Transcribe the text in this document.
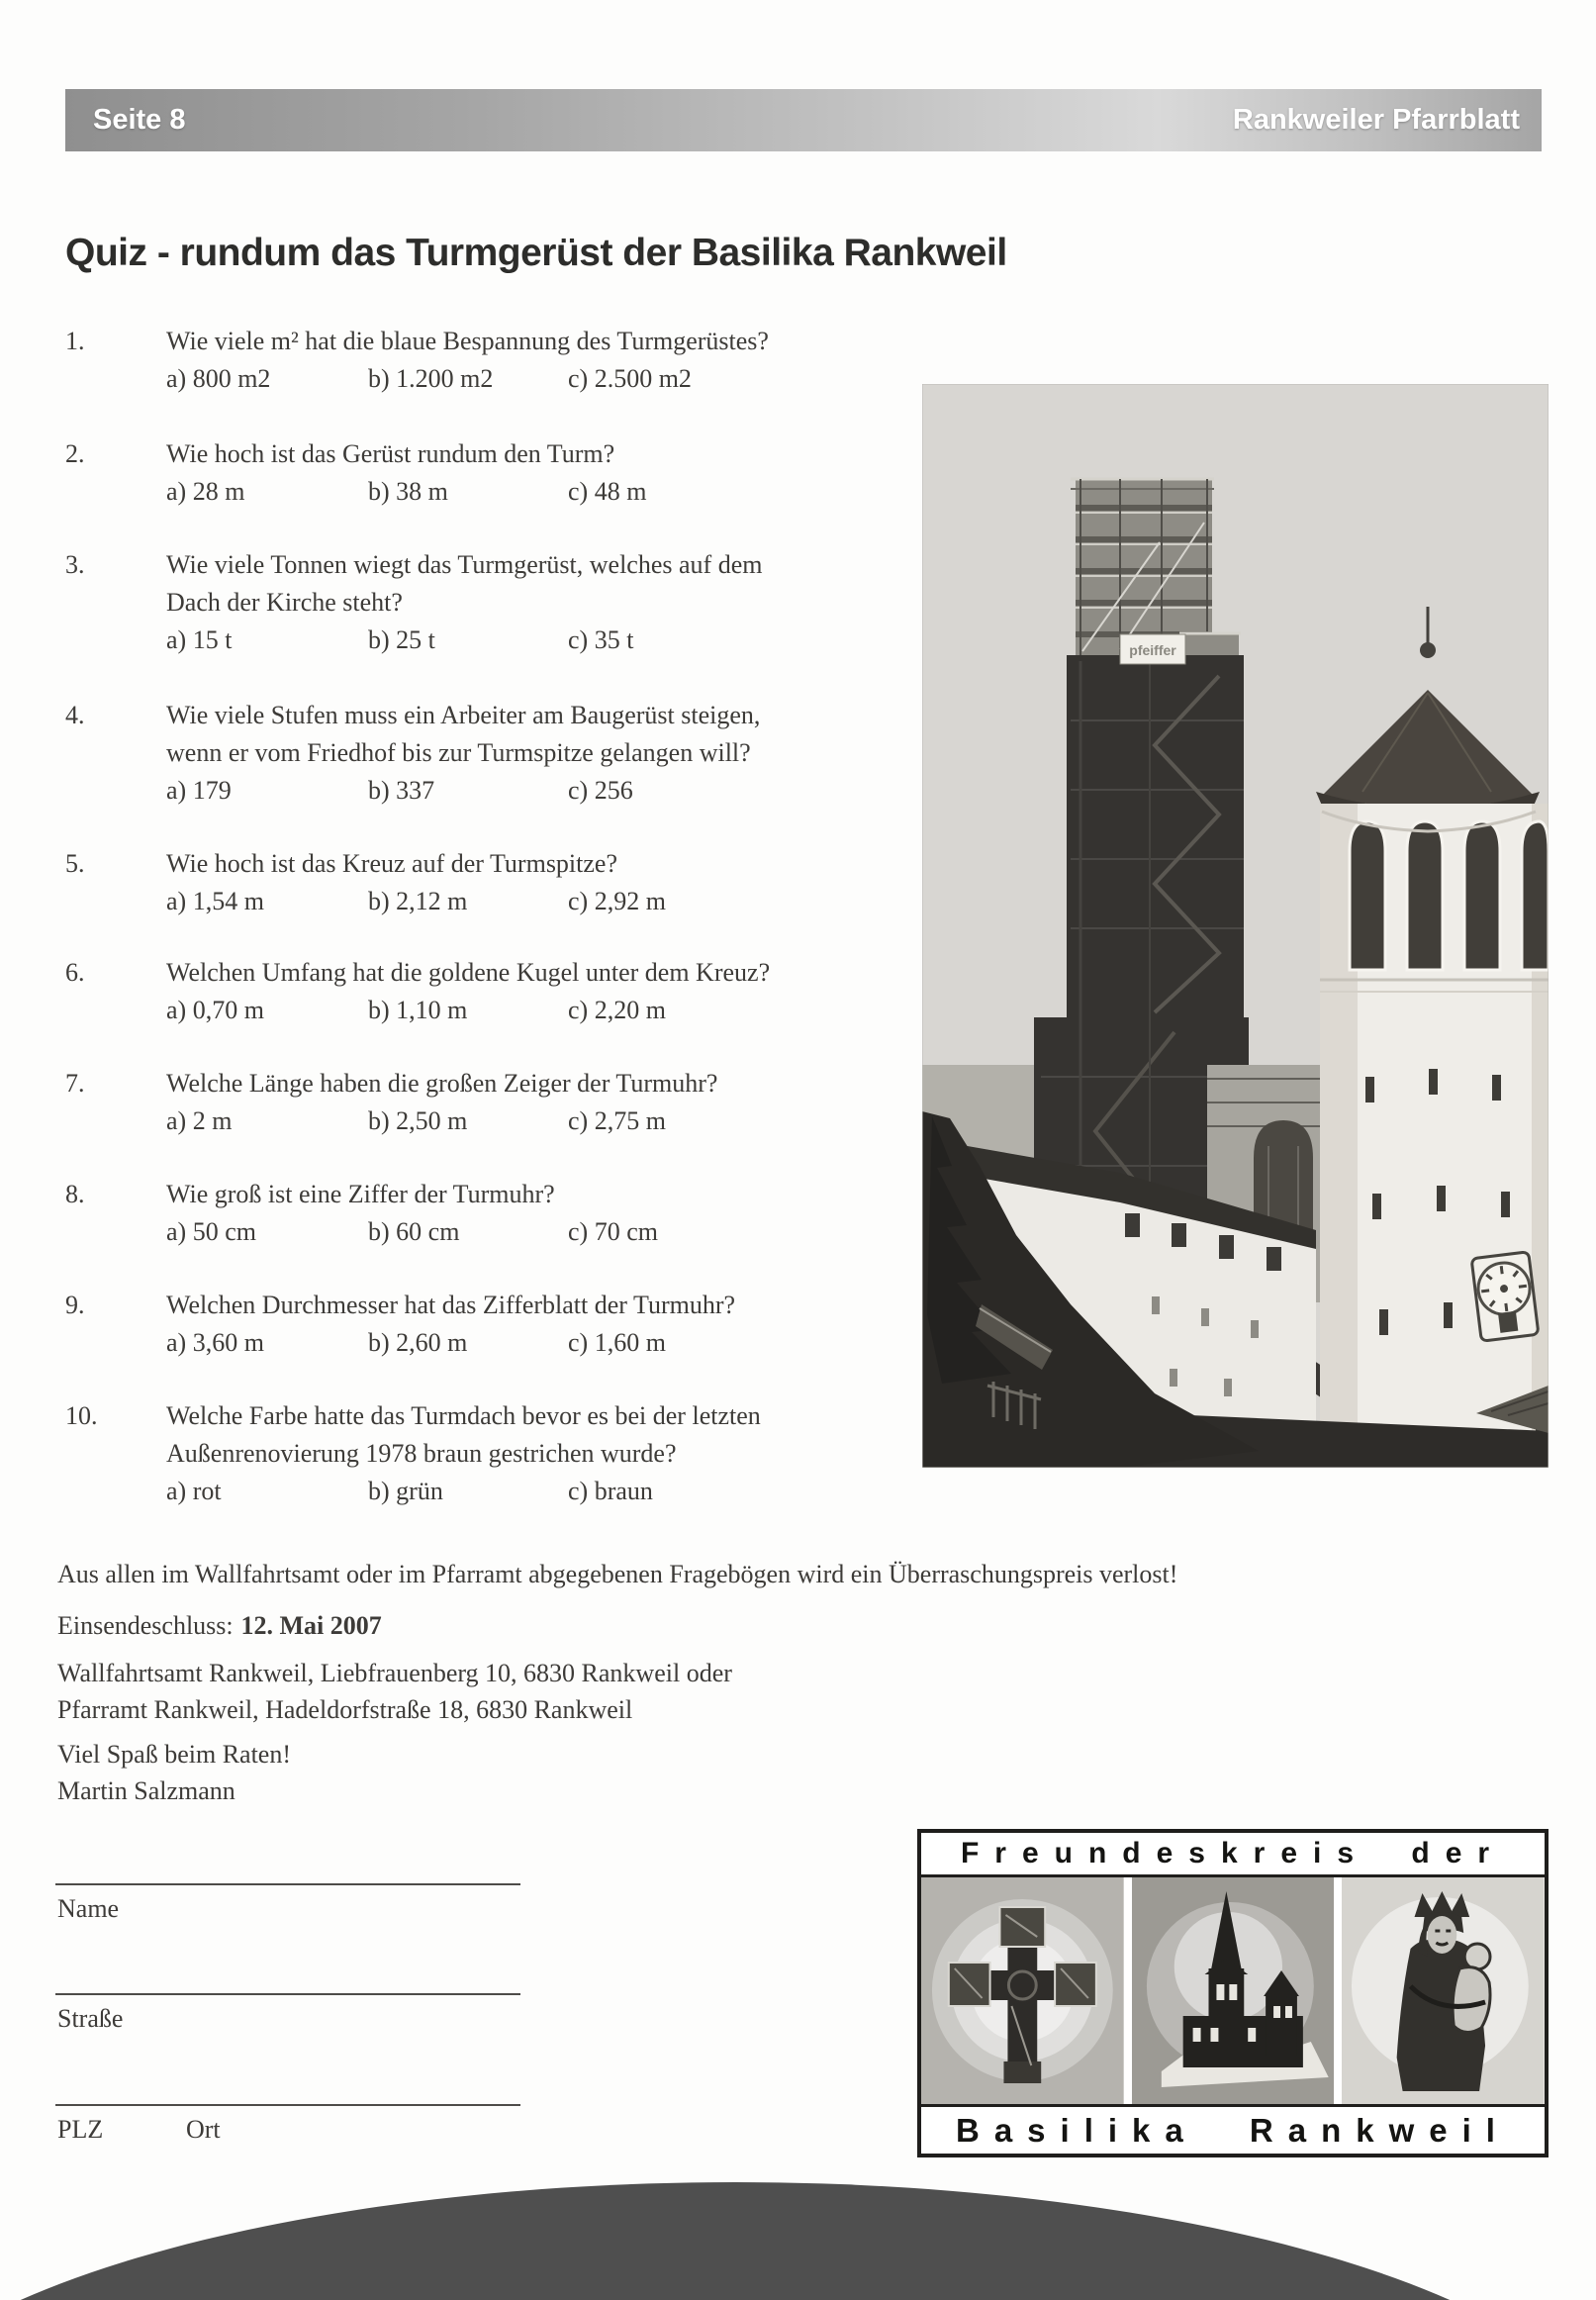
Seite 8	Rankweiler Pfarrblatt
Quiz - rundum das Turmgerüst der Basilika Rankweil
1.	Wie viele m² hat die blaue Bespannung des Turmgerüstes?
a) 800 m2	b) 1.200 m2	c) 2.500 m2
2.	Wie hoch ist das Gerüst rundum den Turm?
a) 28 m	b) 38 m	c) 48 m
3.	Wie viele Tonnen wiegt das Turmgerüst, welches auf dem
Dach der Kirche steht?
a) 15 t	b) 25 t	c) 35 t
4.	Wie viele Stufen muss ein Arbeiter am Baugerüst steigen,
wenn er vom Friedhof bis zur Turmspitze gelangen will?
a) 179	b) 337	c) 256
5.	Wie hoch ist das Kreuz auf der Turmspitze?
a) 1,54 m	b) 2,12 m	c) 2,92 m
6.	Welchen Umfang hat die goldene Kugel unter dem Kreuz?
a) 0,70 m	b) 1,10 m	c) 2,20 m
7.	Welche Länge haben die großen Zeiger der Turmuhr?
a) 2 m	b) 2,50 m	c) 2,75 m
8.	Wie groß ist eine Ziffer der Turmuhr?
a) 50 cm	b) 60 cm	c) 70 cm
9.	Welchen Durchmesser hat das Zifferblatt der Turmuhr?
a) 3,60 m	b) 2,60 m	c) 1,60 m
10.	Welche Farbe hatte das Turmdach bevor es bei der letzten
Außenrenovierung 1978 braun gestrichen wurde?
a) rot	b) grün	c) braun
pfeiffer
Aus allen im Wallfahrtsamt oder im Pfarramt abgegebenen Fragebögen wird ein Überraschungspreis verlost!
Einsendeschluss: 12. Mai 2007
Wallfahrtsamt Rankweil, Liebfrauenberg 10, 6830 Rankweil oder
Pfarramt Rankweil, Hadeldorfstraße 18, 6830 Rankweil
Viel Spaß beim Raten!
Martin Salzmann
Name
Straße
PLZ	Ort
Freundeskreis der
Basilika Rankweil
